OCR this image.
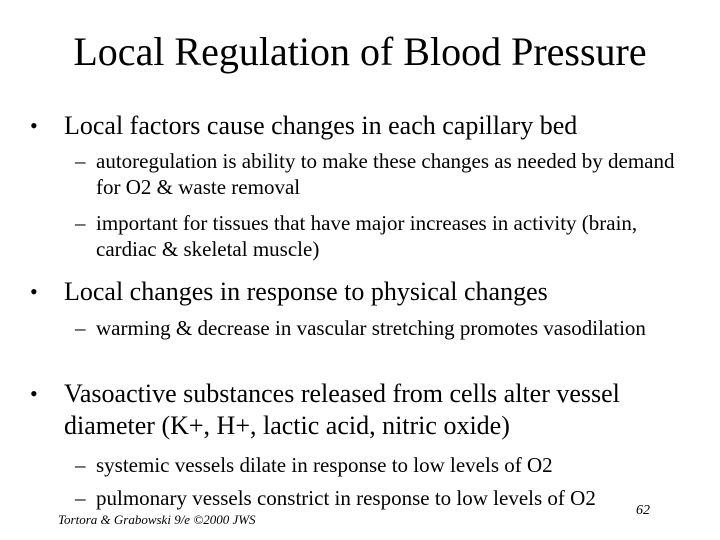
Local Regulation of Blood Pressure
• Local factors cause changes in each capillary bed
– autoregulation is ability to make these changes as needed by demand for O2 & waste removal
– important for tissues that have major increases in activity (brain, cardiac & skeletal muscle)
• Local changes in response to physical changes
– warming & decrease in vascular stretching promotes vasodilation
• Vasoactive substances released from cells alter vessel diameter (K+, H+, lactic acid, nitric oxide)
– systemic vessels dilate in response to low levels of O2
– pulmonary vessels constrict in response to low levels of O2
Tortora & Grabowski 9/e ©2000 JWS
62
